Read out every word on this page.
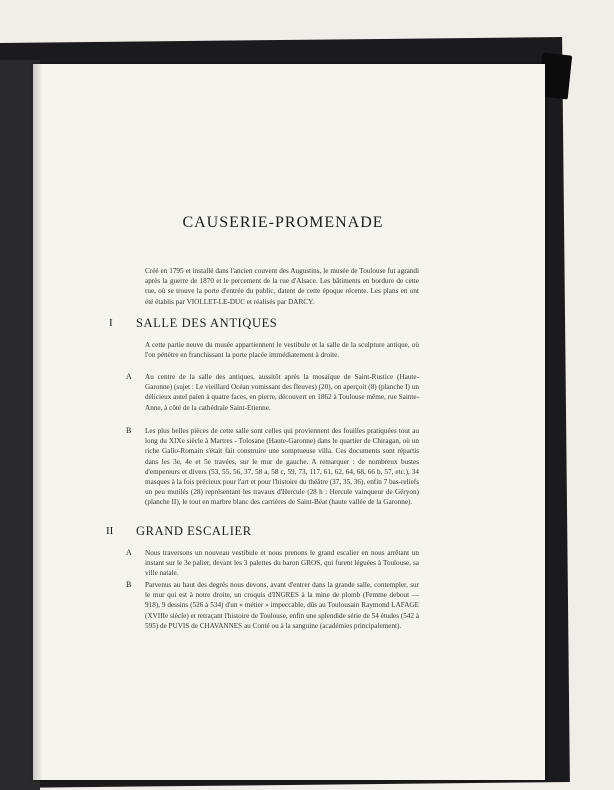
CAUSERIE-PROMENADE

Créé en 1795 et installé dans l'ancien couvent des Augustins, le musée de Toulouse fut agrandi après la guerre de 1870 et le percement de la rue d'Alsace. Les bâtiments en bordure de cette rue, où se trouve la porte d'entrée du public, datent de cette époque récente. Les plans en ont été établis par VIOLLET-LE-DUC et réalisés par DARCY.

I SALLE DES ANTIQUES

A cette partie neuve du musée appartiennent le vestibule et la salle de la sculpture antique, où l'on pénètre en franchissant la porte placée immédiatement à droite.

A Au centre de la salle des antiques, aussitôt après la mosaïque de Saint-Rustice (Haute-Garonne) (sujet : Le vieillard Océan vomissant des fleuves) (20), on aperçoit (8) (planche I) un délicieux autel païen à quatre faces, en pierre, découvert en 1862 à Toulouse même, rue Sainte-Anne, à côté de la cathédrale Saint-Etienne.

B Les plus belles pièces de cette salle sont celles qui proviennent des fouilles pratiquées tout au long du XIXe siècle à Martres - Tolosane (Haute-Garonne) dans le quartier de Chiragan, où un riche Gallo-Romain s'était fait construire une somptueuse villa. Ces documents sont répartis dans les 3e, 4e et 5e travées, sur le mur de gauche. A remarquer : de nombreux bustes d'empereurs et divers (53, 55, 56, 37, 58 a, 58 c, 59, 73, 117, 61, 62, 64, 68, 66 b, 57, etc.), 34 masques à la fois précieux pour l'art et pour l'histoire du théâtre (37, 35, 36), enfin 7 bas-reliefs un peu mutilés (28) représentant les travaux d'Hercule (28 h : Hercule vainqueur de Géryon) (planche II), le tout en marbre blanc des carrières de Saint-Béat (haute vallée de la Garonne).

II GRAND ESCALIER
A Nous traversons un nouveau vestibule et nous prenons le grand escalier en nous arrêtant un instant sur le 3e palier, devant les 3 palettes du baron GROS, qui furent léguées à Toulouse, sa ville natale.

B Parvenus au haut des degrés nous devons, avant d'entrer dans la grande salle, contempler, sur le mur qui est à notre droite, un croquis d'INGRES à la mine de plomb (Femme debout — 918), 9 dessins (526 à 534) d'un « métier » impeccable, dûs au Toulousain Raymond LAFAGE (XVIIIe siècle) et retraçant l'histoire de Toulouse, enfin une splendide série de 54 études (542 à 595) de PUVIS de CHAVANNES au Conté ou à la sanguine (académies principalement).
